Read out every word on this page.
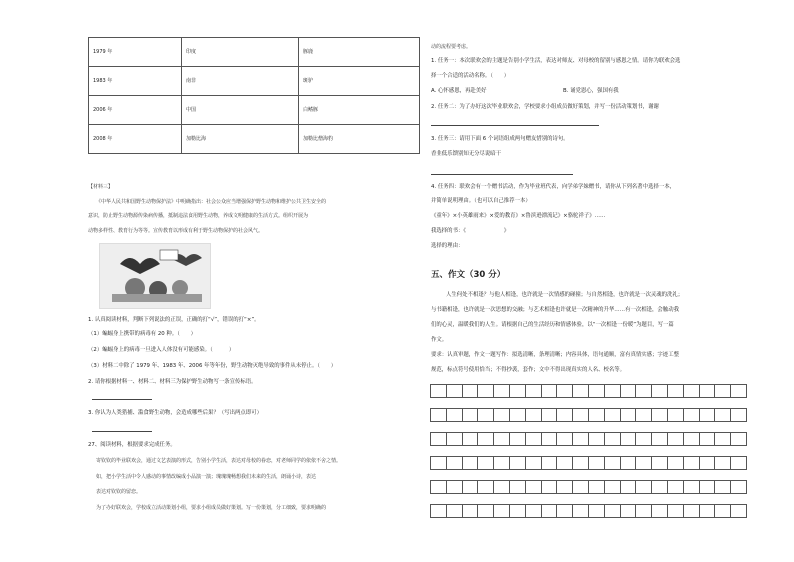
1979 年	印度	豚鹿
1983 年	南非	斑驴
2006 年	中国	白鳍豚
2008 年	加勒比海	加勒比僧海豹
【材料三】
《中华人民共和国野生动物保护法》中明确指出：社会公众应当增强保护野生动物和维护公共卫生安全的
意识，防止野生动物源传染病传播，抵制违法食用野生动物，养成文明健康的生活方式。组织开展为
动物多样性、教育行为等等。宣传教育以形成有利于野生动物保护的社会风气。
1. 认真阅读材料，判断下列说法的正误，正确的打“√”，错误的打“×”。
（1）蝙蝠身上携带的病毒有 20 种。（　　）
（2）蝙蝠身上的病毒一旦进入人体没有可能感染。（　　　）
（3）材料二中除了 1979 年、1983 年、2006 年等年份，野生动物灭绝导致的事件从未停止。（　　）
2. 请你根据材料一、材料二、材料三为保护野生动物写一条宣传标语。
3. 你认为人类猎捕、滥食野生动物，会造成哪些后果？（写出两点即可）
27、阅读材料，根据要求完成任务。
寄钦钦的毕业联欢会，通过文艺表演的形式，告别小学生活，表达对母校的眷恋，对老师同学的依依不舍之情。
如，把小学生活中令人感动的事情改编成小品演一演；瑰瑰瑰畅想我们未来的生活，朗诵小诗，表达
表达对钦钦的留恋。
为了办好联欢会，学校成立活动策划小组，要求小组成员做好策划。写一份策划，分工细致，要求明确的
动的流程要考虑。
1. 任务一：本次联欢会的主题是告别小学生活，表达对师友、对母校的留别与感恩之情。请你为联欢会选
择一个合适的活动名称。（　　）
A. 心怀感恩，再赴美好	B. 诵党恩心，强国有我
2. 任务二：为了办好这次毕业联欢会，学校要求小组成员做好策划，并写一份活动策划书，谢谢
3. 任务三：请用下面 6 个词语组成两句赠友惜别的诗句。
香韭低乐馈别知无分尽说暗干
4. 任务四：联欢会有一个赠书活动，作为毕业班代表，向学弟学妹赠书，请你从下列名著中选择一本，
并简单说明理由。（也可以自己推荐一本）
《童年》×小英雄雨来》×爱的教育》×鲁滨逊漂流记》×骆驼祥子》……
我选择的书：《　　　　　　　》
选择的理由：
五、作文（30 分）
人生何处不相逢？与他人相逢，也许就是一次情感的碰撞；与自然相逢，也许就是一次灵魂的洗礼；
与书籍相逢，也许就是一次思想的交融；与艺术相逢也许就是一次精神的升华……有一次相逢，会触动我
们的心灵，温暖我们的人生。请根据自己的生活经历和情感体验，以“一次相逢一份暖”为题目，写一篇
作文。
要求：认真审题，作文一题写作：拟选清晰，条理清晰；内容具体，语句通顺，富有真情实感；字迹工整
规范，标点符号使用恰当；不得抄袭，套作；文中不得出现真实的人名、校名等。
